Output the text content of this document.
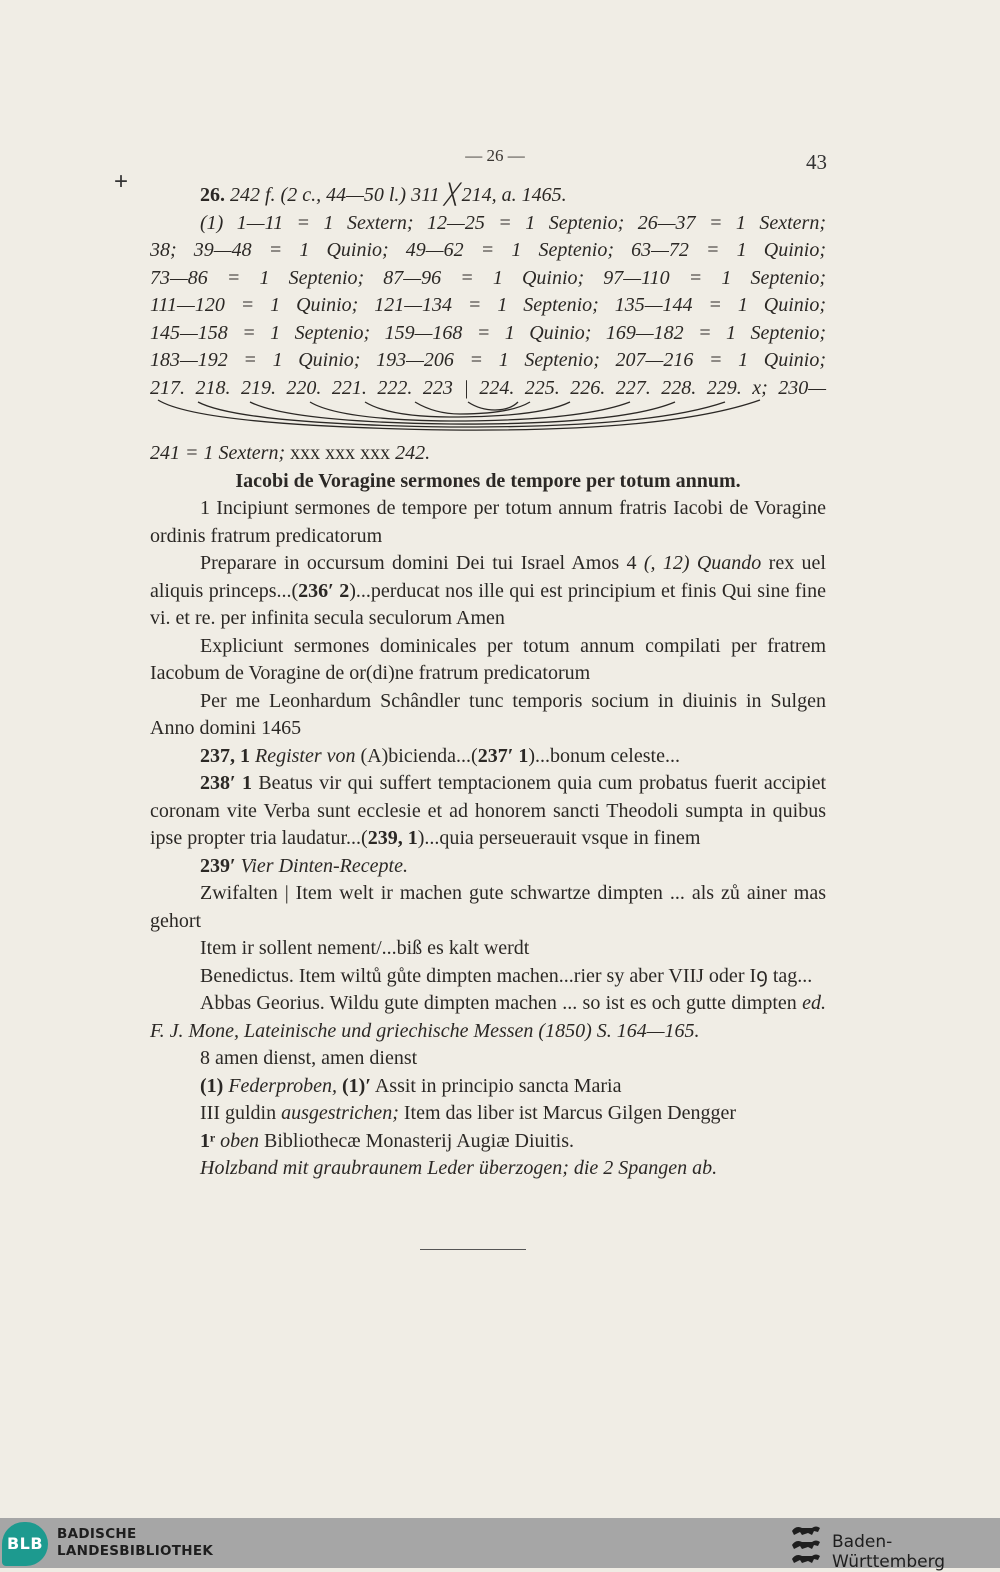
— 26 —	43
+	26. 242 f. (2 c., 44—50 l.) 311 ╳ 214, a. 1465.

(1) 1—11 = 1 Sextern; 12—25 = 1 Septenio; 26—37 = 1 Sextern;

38; 39—48 = 1 Quinio; 49—62 = 1 Septenio; 63—72 = 1 Quinio;

73—86 = 1 Septenio; 87—96 = 1 Quinio; 97—110 = 1 Septenio;

111—120 = 1 Quinio; 121—134 = 1 Septenio; 135—144 = 1 Quinio;

145—158 = 1 Septenio; 159—168 = 1 Quinio; 169—182 = 1 Septenio;

183—192 = 1 Quinio; 193—206 = 1 Septenio; 207—216 = 1 Quinio;

217. 218. 219. 220. 221. 222. 223 | 224. 225. 226. 227. 228. 229. x; 230—

241 = 1 Sextern; xxx xxx xxx 242.

Iacobi de Voragine sermones de tempore per totum annum.

1 Incipiunt sermones de tempore per totum annum fratris Iacobi de Voragine ordinis fratrum predicatorum

Preparare in occursum domini Dei tui Israel Amos 4 (, 12) Quando rex uel aliquis princeps...(236′ 2)...perducat nos ille qui est principium et finis Qui sine fine vi. et re. per infinita secula seculorum Amen

Expliciunt sermones dominicales per totum annum compilati per fratrem Iacobum de Voragine de or(di)ne fratrum predicatorum

Per me Leonhardum Schândler tunc temporis socium in diuinis in Sulgen Anno domini 1465

237, 1 Register von (A)bicienda...(237′ 1)...bonum celeste...

238′ 1 Beatus vir qui suffert temptacionem quia cum probatus fuerit accipiet coronam vite Verba sunt ecclesie et ad honorem sancti Theodoli sumpta in quibus ipse propter tria laudatur...(239, 1)...quia perseuerauit vsque in finem

239′ Vier Dinten-Recepte.

Zwifalten | Item welt ir machen gute schwartze dimpten ... als zů ainer mas gehort

Item ir sollent nement/...biß es kalt werdt

Benedictus. Item wiltů gůte dimpten machen...rier sy aber VIIJ oder Iꝯ tag...

Abbas Georius. Wildu gute dimpten machen ... so ist es och gutte dimpten ed. F. J. Mone, Lateinische und griechische Messen (1850) S. 164—165.

8 amen dienst, amen dienst

(1) Federproben, (1)′ Assit in principio sancta Maria

III guldin ausgestrichen; Item das liber ist Marcus Gilgen Dengger

1ʳ oben Bibliothecæ Monasterij Augiæ Diuitis.

Holzband mit graubraunem Leder überzogen; die 2 Spangen ab.

BLB	BADISCHE
LANDESBIBLIOTHEK	Baden-Württemberg
